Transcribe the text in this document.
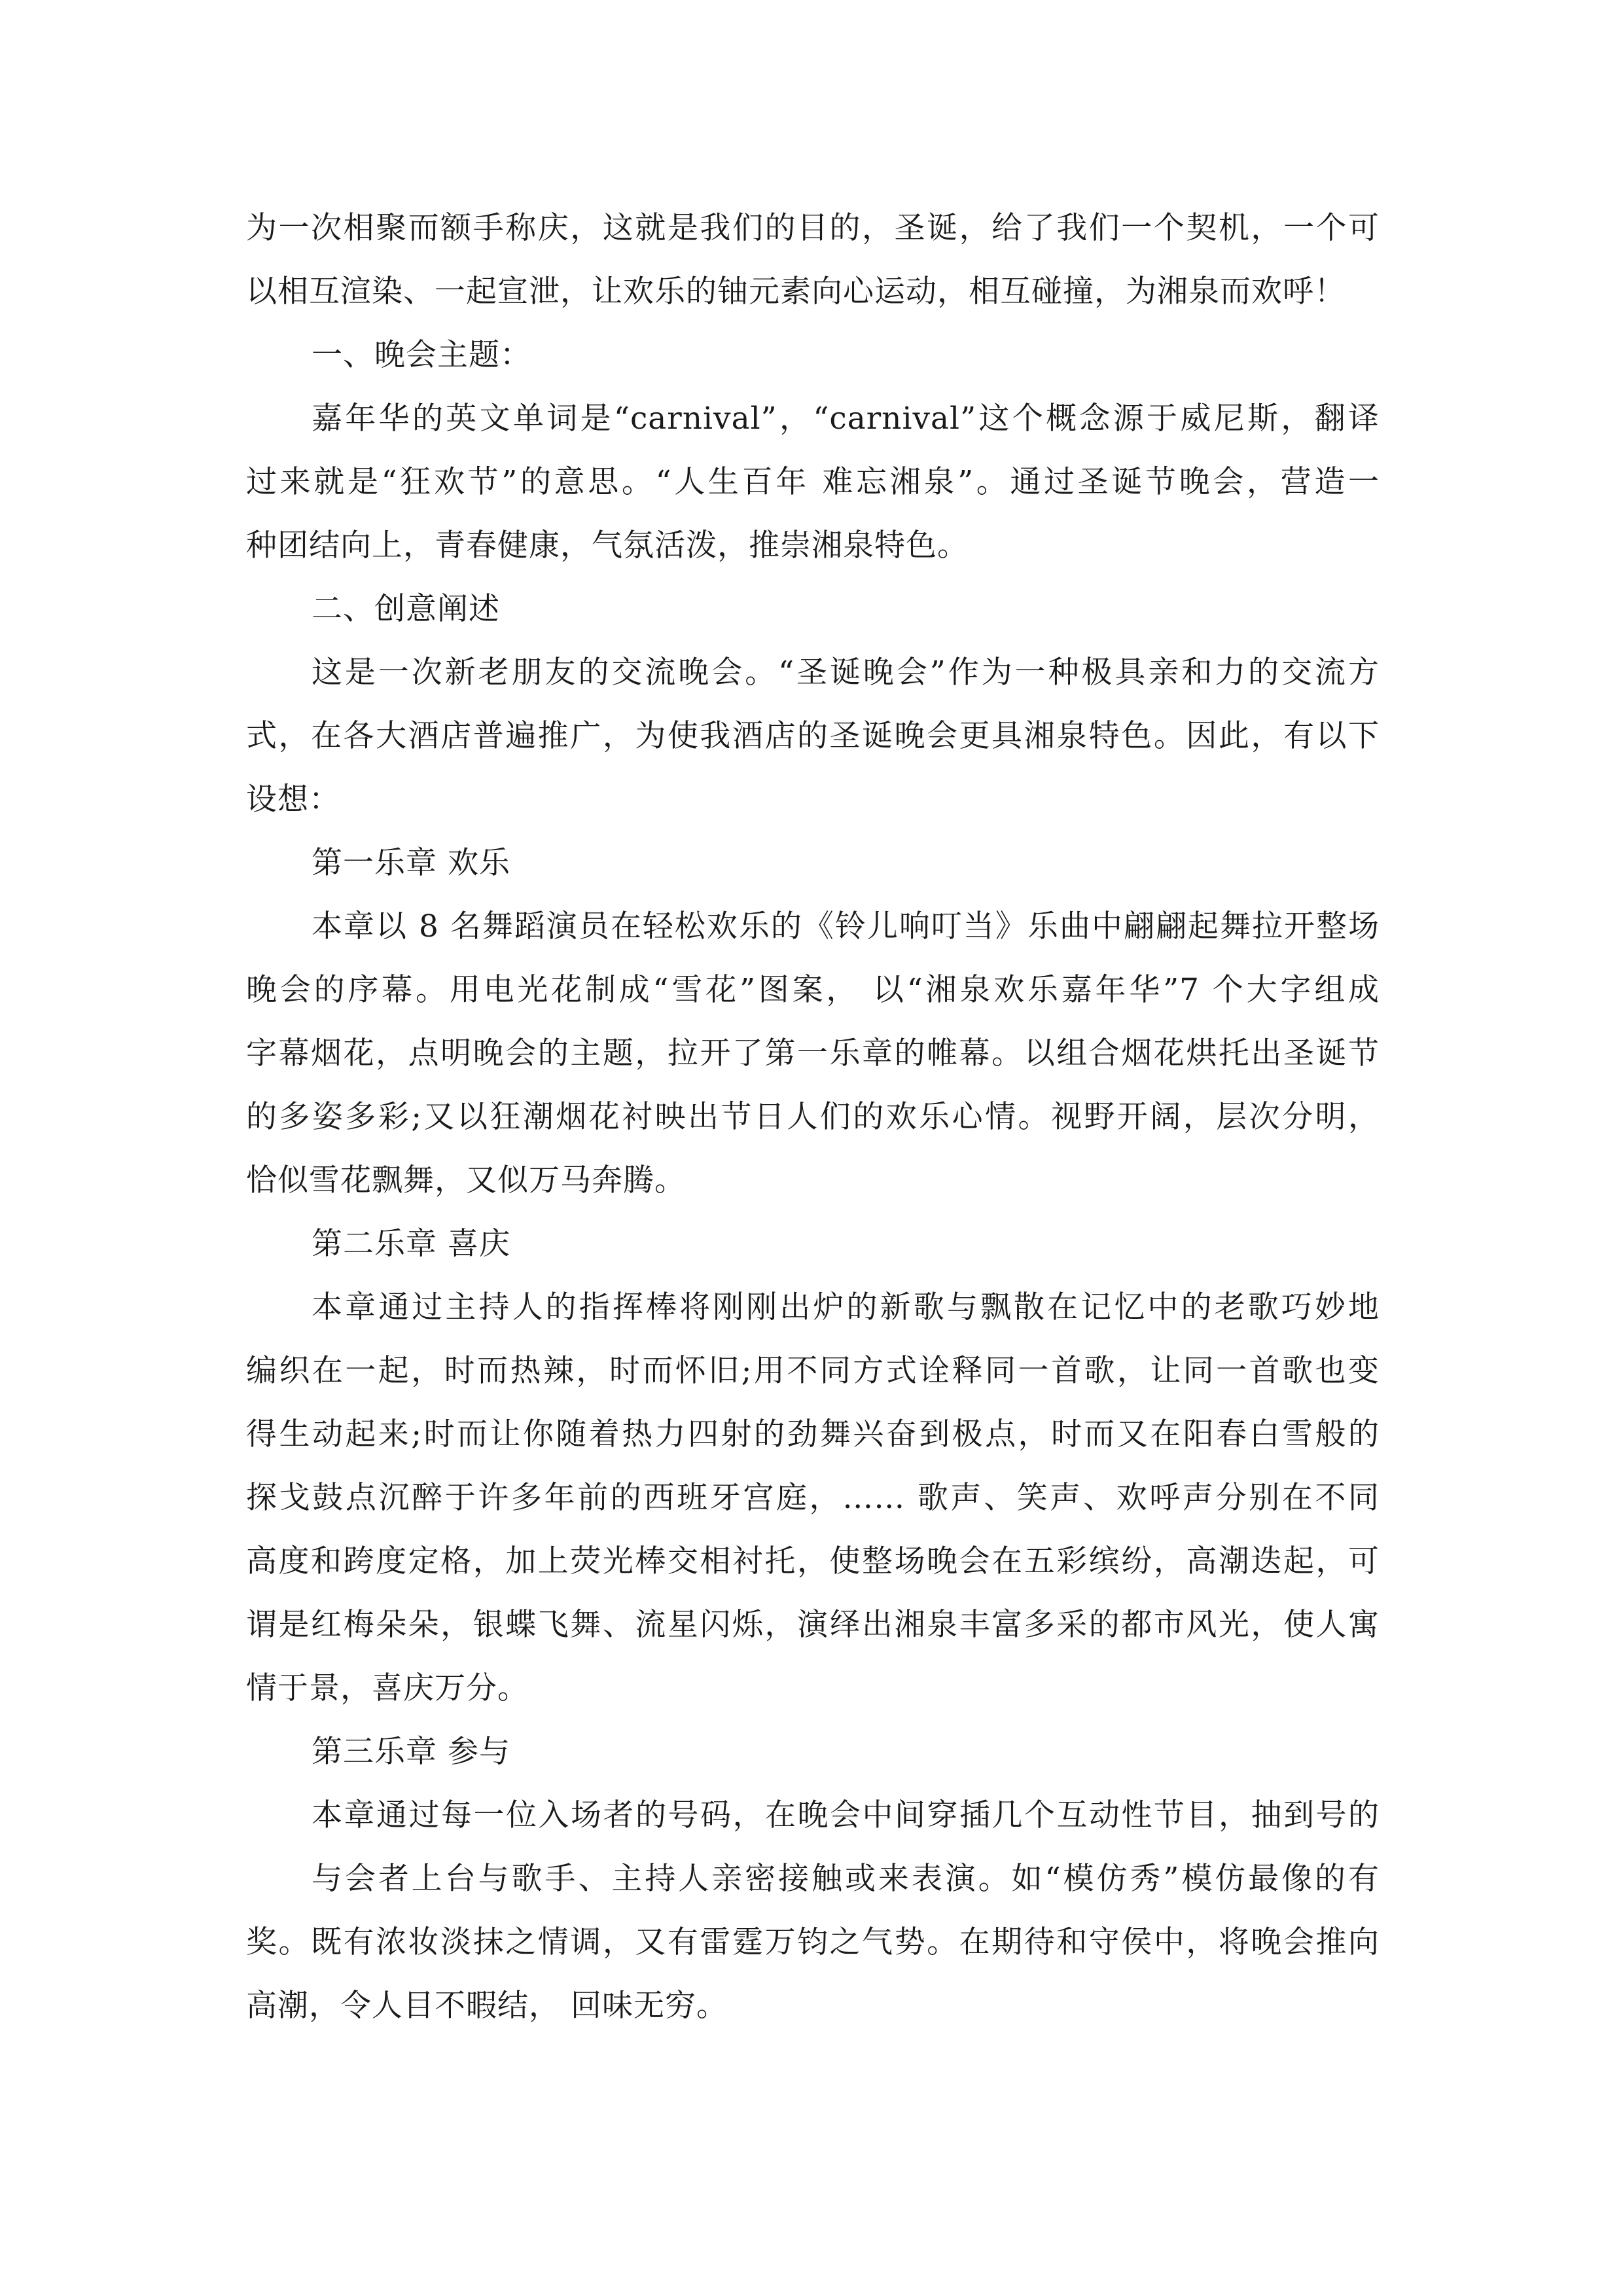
为一次相聚而额手称庆，这就是我们的目的，圣诞，给了我们一个契机，一个可
以相互渲染、一起宣泄，让欢乐的铀元素向心运动，相互碰撞，为湘泉而欢呼！
一、晚会主题：
嘉年华的英文单词是“carnival”，“carnival”这个概念源于威尼斯，翻译
过来就是“狂欢节”的意思。“人生百年 难忘湘泉”。通过圣诞节晚会，营造一
种团结向上，青春健康，气氛活泼，推崇湘泉特色。
二、创意阐述
这是一次新老朋友的交流晚会。“圣诞晚会”作为一种极具亲和力的交流方
式，在各大酒店普遍推广，为使我酒店的圣诞晚会更具湘泉特色。因此，有以下
设想：
第一乐章 欢乐
本章以 8 名舞蹈演员在轻松欢乐的《铃儿响叮当》乐曲中翩翩起舞拉开整场
晚会的序幕。用电光花制成“雪花”图案， 以“湘泉欢乐嘉年华”7 个大字组成
字幕烟花，点明晚会的主题，拉开了第一乐章的帷幕。以组合烟花烘托出圣诞节
的多姿多彩;又以狂潮烟花衬映出节日人们的欢乐心情。视野开阔，层次分明，
恰似雪花飘舞，又似万马奔腾。
第二乐章 喜庆
本章通过主持人的指挥棒将刚刚出炉的新歌与飘散在记忆中的老歌巧妙地
编织在一起，时而热辣，时而怀旧;用不同方式诠释同一首歌，让同一首歌也变
得生动起来;时而让你随着热力四射的劲舞兴奋到极点，时而又在阳春白雪般的
探戈鼓点沉醉于许多年前的西班牙宫庭，…… 歌声、笑声、欢呼声分别在不同
高度和跨度定格，加上荧光棒交相衬托，使整场晚会在五彩缤纷，高潮迭起，可
谓是红梅朵朵，银蝶飞舞、流星闪烁，演绎出湘泉丰富多采的都市风光，使人寓
情于景，喜庆万分。
第三乐章 参与
本章通过每一位入场者的号码，在晚会中间穿插几个互动性节目，抽到号的
与会者上台与歌手、主持人亲密接触或来表演。如“模仿秀”模仿最像的有
奖。既有浓妆淡抹之情调，又有雷霆万钧之气势。在期待和守侯中，将晚会推向
高潮，令人目不暇结， 回味无穷。
